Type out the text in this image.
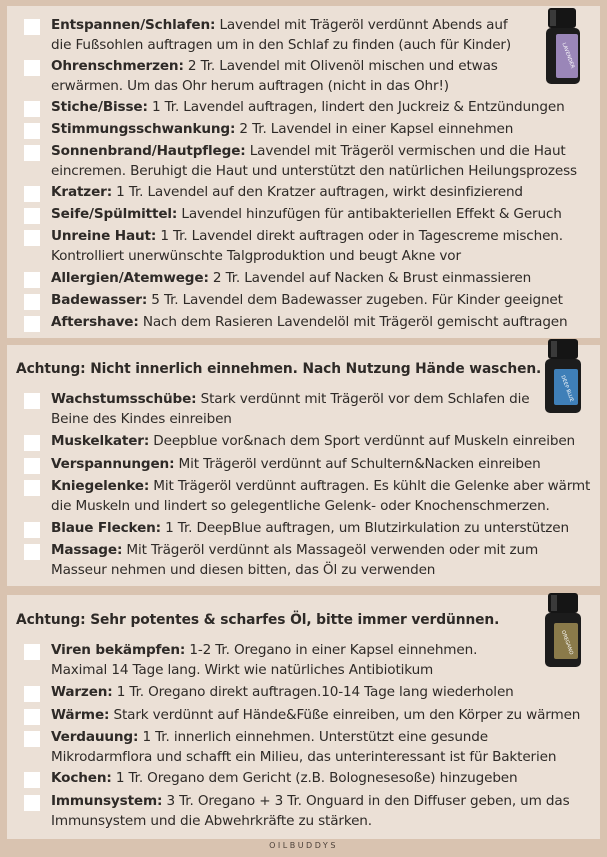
LAVENDER
Entspannen/Schlafen: Lavendel mit Trägeröl verdünnt Abends auf
die Fußsohlen auftragen um in den Schlaf zu finden (auch für Kinder)
Ohrenschmerzen: 2 Tr. Lavendel mit Olivenöl mischen und etwas
erwärmen. Um das Ohr herum auftragen (nicht in das Ohr!)
Stiche/Bisse: 1 Tr. Lavendel auftragen, lindert den Juckreiz & Entzündungen
Stimmungsschwankung: 2 Tr. Lavendel in einer Kapsel einnehmen
Sonnenbrand/Hautpflege: Lavendel mit Trägeröl vermischen und die Haut
eincremen. Beruhigt die Haut und unterstützt den natürlichen Heilungsprozess
Kratzer: 1 Tr. Lavendel auf den Kratzer auftragen, wirkt desinfizierend
Seife/Spülmittel: Lavendel hinzufügen für antibakteriellen Effekt & Geruch
Unreine Haut: 1 Tr. Lavendel direkt auftragen oder in Tagescreme mischen.
Kontrolliert unerwünschte Talgproduktion und beugt Akne vor
Allergien/Atemwege: 2 Tr. Lavendel auf Nacken & Brust einmassieren
Badewasser: 5 Tr. Lavendel dem Badewasser zugeben. Für Kinder geeignet
Aftershave: Nach dem Rasieren Lavendelöl mit Trägeröl gemischt auftragen
DEEP BLUE
Achtung: Nicht innerlich einnehmen. Nach Nutzung Hände waschen.
Wachstumsschübe: Stark verdünnt mit Trägeröl vor dem Schlafen die
Beine des Kindes einreiben
Muskelkater: Deepblue vor&nach dem Sport verdünnt auf Muskeln einreiben
Verspannungen: Mit Trägeröl verdünnt auf Schultern&Nacken einreiben
Kniegelenke: Mit Trägeröl verdünnt auftragen. Es kühlt die Gelenke aber wärmt
die Muskeln und lindert so gelegentliche Gelenk- oder Knochenschmerzen.
Blaue Flecken: 1 Tr. DeepBlue auftragen, um Blutzirkulation zu unterstützen
Massage: Mit Trägeröl verdünnt als Massageöl verwenden oder mit zum
Masseur nehmen und diesen bitten, das Öl zu verwenden
OREGANO
Achtung: Sehr potentes & scharfes Öl, bitte immer verdünnen.
Viren bekämpfen: 1-2 Tr. Oregano in einer Kapsel einnehmen.
Maximal 14 Tage lang. Wirkt wie natürliches Antibiotikum
Warzen: 1 Tr. Oregano direkt auftragen.10-14 Tage lang wiederholen
Wärme: Stark verdünnt auf Hände&Füße einreiben, um den Körper zu wärmen
Verdauung: 1 Tr. innerlich einnehmen. Unterstützt eine gesunde
Mikrodarmflora und schafft ein Milieu, das unterinteressant ist für Bakterien
Kochen: 1 Tr. Oregano dem Gericht (z.B. Bolognesesoße) hinzugeben
Immunsystem: 3 Tr. Oregano + 3 Tr. Onguard in den Diffuser geben, um das
Immunsystem und die Abwehrkräfte zu stärken.
OILBUDDYS
